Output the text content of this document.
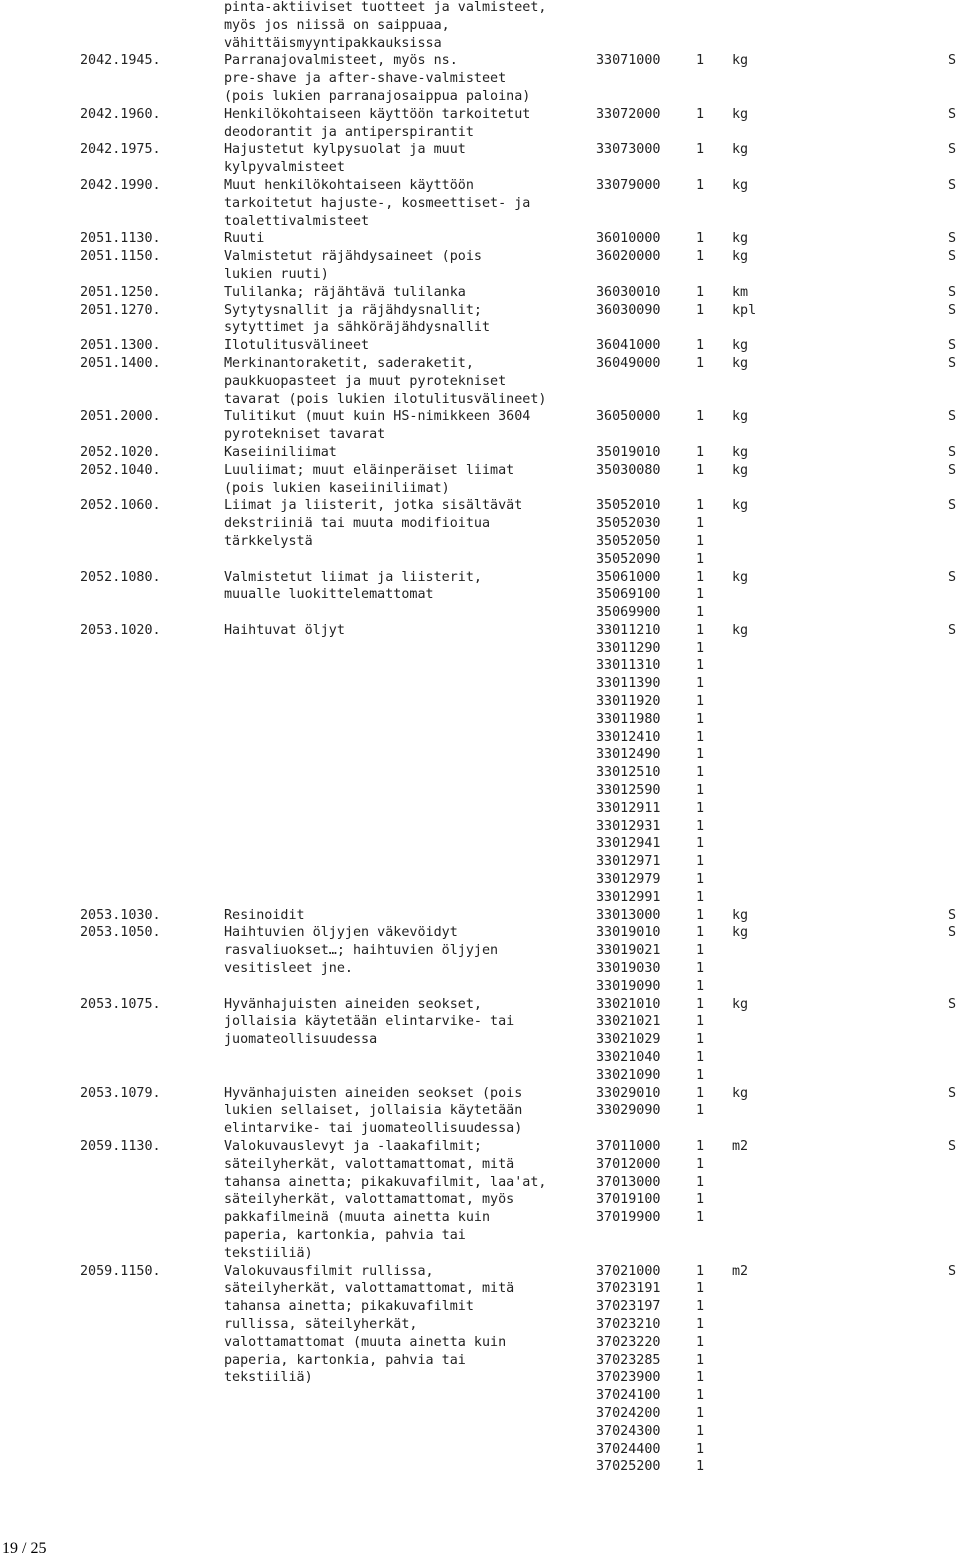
pinta-aktiiviset tuotteet ja valmisteet,
myös jos niissä on saippuaa,
vähittäismyyntipakkauksissa
2042.1945.	Parranajovalmisteet, myös ns.	33071000	1 kg	S
pre-shave ja after-shave-valmisteet
(pois lukien parranajosaippua paloina)
2042.1960.	Henkilökohtaiseen käyttöön tarkoitetut	33072000	1 kg	S
deodorantit ja antiperspirantit
2042.1975.	Hajustetut kylpysuolat ja muut	33073000	1 kg	S
kylpyvalmisteet
2042.1990.	Muut henkilökohtaiseen käyttöön	33079000	1 kg	S
tarkoitetut hajuste-, kosmeettiset- ja
toalettivalmisteet
2051.1130.	Ruuti	36010000	1 kg	S
2051.1150.	Valmistetut räjähdysaineet (pois	36020000	1 kg	S
lukien ruuti)
2051.1250.	Tulilanka; räjähtävä tulilanka	36030010	1 km	S
2051.1270.	Sytytysnallit ja räjähdysnallit;	36030090	1 kpl	S
sytyttimet ja sähköräjähdysnallit
2051.1300.	Ilotulitusvälineet	36041000	1 kg	S
2051.1400.	Merkinantoraketit, saderaketit,	36049000	1 kg	S
paukkuopasteet ja muut pyrotekniset
tavarat (pois lukien ilotulitusvälineet)
2051.2000.	Tulitikut (muut kuin HS-nimikkeen 3604	36050000	1 kg	S
pyrotekniset tavarat
2052.1020.	Kaseiiniliimat	35019010	1 kg	S
2052.1040.	Luuliimat; muut eläinperäiset liimat	35030080	1 kg	S
(pois lukien kaseiiniliimat)
2052.1060.	Liimat ja liisterit, jotka sisältävät	35052010	1 kg	S
dekstriiniä tai muuta modifioitua	35052030	1
tärkkelystä	35052050	1
35052090	1
2052.1080.	Valmistetut liimat ja liisterit,	35061000	1 kg	S
muualle luokittelemattomat	35069100	1
35069900	1
2053.1020.	Haihtuvat öljyt	33011210	1 kg	S
33011290	1
33011310	1
33011390	1
33011920	1
33011980	1
33012410	1
33012490	1
33012510	1
33012590	1
33012911	1
33012931	1
33012941	1
33012971	1
33012979	1
33012991	1
2053.1030.	Resinoidit	33013000	1 kg	S
2053.1050.	Haihtuvien öljyjen väkevöidyt	33019010	1 kg	S
rasvaliuokset…; haihtuvien öljyjen	33019021	1
vesitisleet jne.	33019030	1
33019090	1
2053.1075.	Hyvänhajuisten aineiden seokset,	33021010	1 kg	S
jollaisia käytetään elintarvike- tai	33021021	1
juomateollisuudessa	33021029	1
33021040	1
33021090	1
2053.1079.	Hyvänhajuisten aineiden seokset (pois	33029010	1 kg	S
lukien sellaiset, jollaisia käytetään	33029090	1
elintarvike- tai juomateollisuudessa)
2059.1130.	Valokuvauslevyt ja -laakafilmit;	37011000	1 m2	S
säteilyherkät, valottamattomat, mitä	37012000	1
tahansa ainetta; pikakuvafilmit, laa'at,	37013000	1
säteilyherkät, valottamattomat, myös	37019100	1
pakkafilmeinä (muuta ainetta kuin	37019900	1
paperia, kartonkia, pahvia tai
tekstiiliä)
2059.1150.	Valokuvausfilmit rullissa,	37021000	1 m2	S
säteilyherkät, valottamattomat, mitä	37023191	1
tahansa ainetta; pikakuvafilmit	37023197	1
rullissa, säteilyherkät,	37023210	1
valottamattomat (muuta ainetta kuin	37023220	1
paperia, kartonkia, pahvia tai	37023285	1
tekstiiliä)	37023900	1
37024100	1
37024200	1
37024300	1
37024400	1
37025200	1
19 / 25
